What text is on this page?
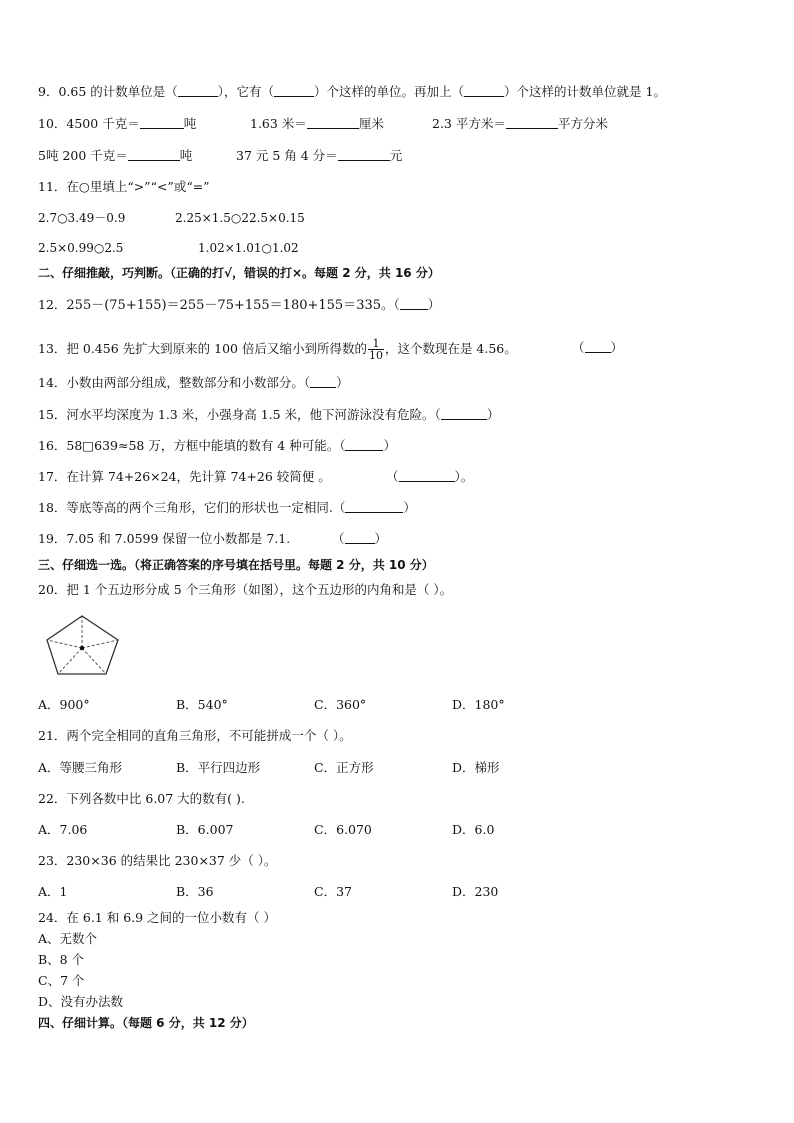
9．0.65 的计数单位是（	），它有（	）个这样的单位。再加上（	）个这样的计数单位就是 1。
10．4500 千克＝	吨	1.63 米＝	厘米	2.3 平方米＝	平方分米
5吨 200 千克＝	吨	37 元 5 角 4 分＝	元
11．在○里填上“>”“<”或“=”
2.7○3.49－0.9	2.25×1.5○22.5×0.15
2.5×0.99○2.5	1.02×1.01○1.02
二、仔细推敲，巧判断。（正确的打√，错误的打×。每题 2 分，共 16 分）
12．255－(75+155)＝255－75+155＝180+155＝335。（ ）
13．把 0.456 先扩大到原来的 100 倍后又缩小到所得数的 $\frac{1}{10}$ ，这个数现在是 4.56。	（ ）
14．小数由两部分组成，整数部分和小数部分。（ ）
15．河水平均深度为 1.3 米，小强身高 1.5 米，他下河游泳没有危险。（	）
16．58□639≈58 万，方框中能填的数有 4 种可能。（	）
17．在计算 74+26×24，先计算 74+26 较简便 。	（	）。
18．等底等高的两个三角形，它们的形状也一定相同.（	）
19．7.05 和 7.0599 保留一位小数都是 7.1.	（ ）
三、仔细选一选。（将正确答案的序号填在括号里。每题 2 分，共 10 分）
20．把 1 个五边形分成 5 个三角形（如图），这个五边形的内角和是（ ）。
A．900°	B．540°	C．360°	D．180°
21．两个完全相同的直角三角形，不可能拼成一个（ ）。
A．等腰三角形	B．平行四边形	C．正方形	D．梯形
22．下列各数中比 6.07 大的数有( ).
A．7.06	B．6.007	C．6.070	D．6.0
23．230×36 的结果比 230×37 少（ ）。
A．1	B．36	C．37	D．230
24．在 6.1 和 6.9 之间的一位小数有（ ）
A、无数个
B、8 个
C、7 个
D、没有办法数
四、仔细计算。（每题 6 分，共 12 分）
